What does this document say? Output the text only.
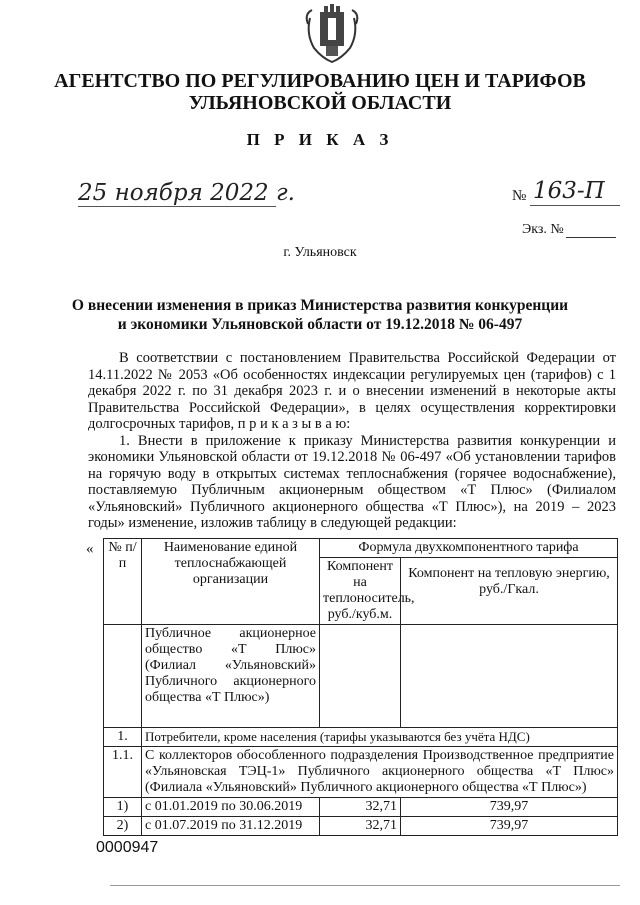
АГЕНТСТВО ПО РЕГУЛИРОВАНИЮ ЦЕН И ТАРИФОВ
УЛЬЯНОВСКОЙ ОБЛАСТИ
П Р И К А З
25 ноября 2022 г.	№ 163-П
Экз. №
г. Ульяновск
О внесении изменения в приказ Министерства развития конкуренции
и экономики Ульяновской области от 19.12.2018 № 06-497

В соответствии с постановлением Правительства Российской Федерации от 14.11.2022 № 2053 «Об особенностях индексации регулируемых цен (тарифов) с 1 декабря 2022 г. по 31 декабря 2023 г. и о внесении изменений в некоторые акты Правительства Российской Федерации», в целях осуществления корректировки долгосрочных тарифов, п р и к а з ы в а ю:

1. Внести в приложение к приказу Министерства развития конкуренции и экономики Ульяновской области от 19.12.2018 № 06-497 «Об установлении тарифов на горячую воду в открытых системах теплоснабжения (горячее водоснабжение), поставляемую Публичным акционерным обществом «Т Плюс» (Филиалом «Ульяновский» Публичного акционерного общества «Т Плюс»), на 2019 – 2023 годы» изменение, изложив таблицу в следующей редакции:

« № п/п	Наименование единой теплоснабжающей организации	Формула двухкомпонентного тарифа	
		Компонент на теплоноситель, руб./куб.м.	Компонент на тепловую энергию, руб./Гкал.
	Публичное акционерное общество «Т Плюс» (Филиал «Ульяновский» Публичного акционерного общества «Т Плюс»)		
1.	Потребители, кроме населения (тарифы указываются без учёта НДС)		
1.1.	С коллекторов обособленного подразделения Производственное предприятие «Ульяновская ТЭЦ-1» Публичного акционерного общества «Т Плюс» (Филиала «Ульяновский» Публичного акционерного общества «Т Плюс»)		
1)	с 01.01.2019 по 30.06.2019	32,71	739,97
2)	с 01.07.2019 по 31.12.2019	32,71	739,97
0000947
